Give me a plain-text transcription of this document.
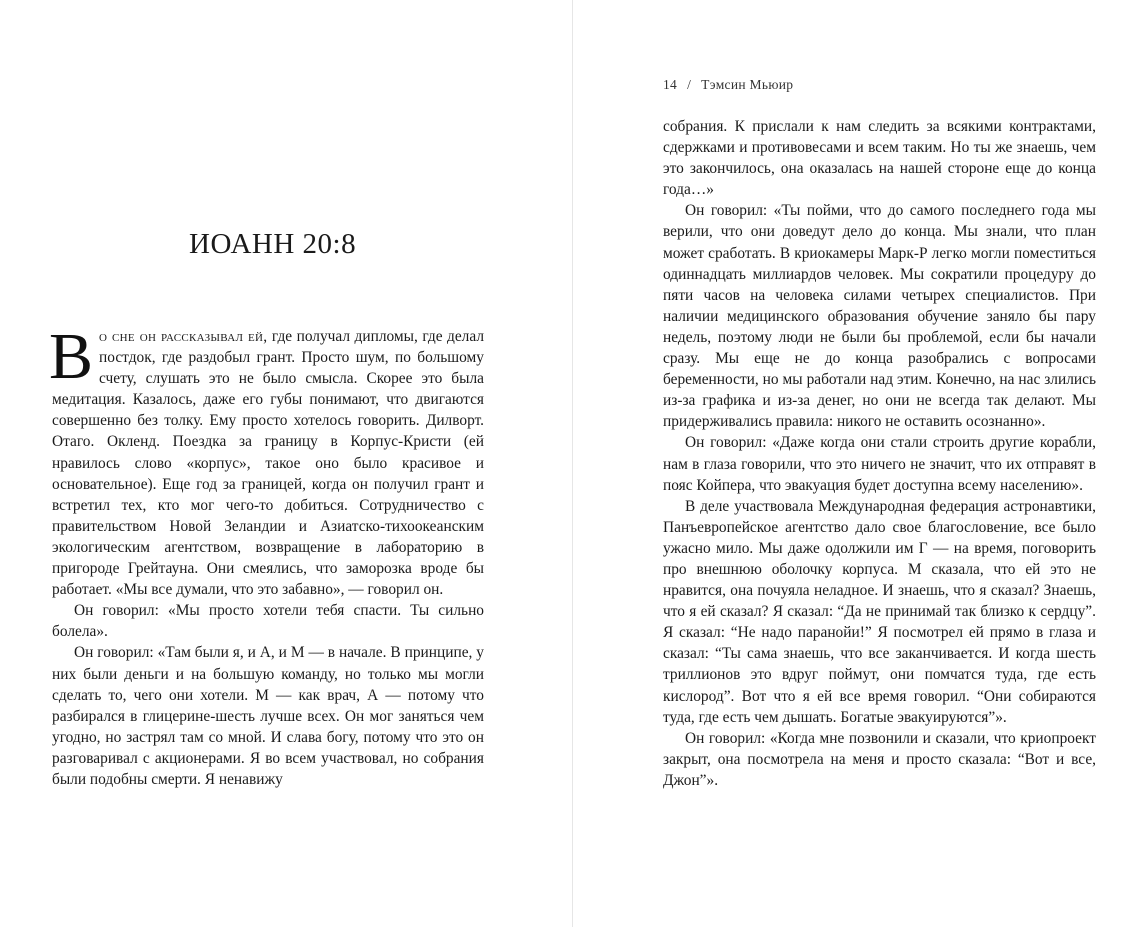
ИОАНН 20:8

Во сне он рассказывал ей, где получал дипломы, где делал постдок, где раздобыл грант. Просто шум, по большому счету, слушать это не было смысла. Скорее это была медитация. Казалось, даже его губы понимают, что двигаются совершенно без толку. Ему просто хотелось говорить. Дилворт. Отаго. Окленд. Поездка за границу в Корпус-Кристи (ей нравилось слово «корпус», такое оно было красивое и основательное). Еще год за границей, когда он получил грант и встретил тех, кто мог чего-то добиться. Сотрудничество с правительством Новой Зеландии и Азиатско-тихоокеанским экологическим агентством, возвращение в лабораторию в пригороде Грейтауна. Они смеялись, что заморозка вроде бы работает. «Мы все думали, что это забавно», — говорил он.

Он говорил: «Мы просто хотели тебя спасти. Ты сильно болела».

Он говорил: «Там были я, и А, и М — в начале. В принципе, у них были деньги и на большую команду, но только мы могли сделать то, чего они хотели. М — как врач, А — потому что разбирался в глицерине-шесть лучше всех. Он мог заняться чем угодно, но застрял там со мной. И слава богу, потому что это он разговаривал с акционерами. Я во всем участвовал, но собрания были подобны смерти. Я ненавижу

14 / Тэмсин Мьюир

собрания. К прислали к нам следить за всякими контрактами, сдержками и противовесами и всем таким. Но ты же знаешь, чем это закончилось, она оказалась на нашей стороне еще до конца года…»

Он говорил: «Ты пойми, что до самого последнего года мы верили, что они доведут дело до конца. Мы знали, что план может сработать. В криокамеры Марк-Р легко могли поместиться одиннадцать миллиардов человек. Мы сократили процедуру до пяти часов на человека силами четырех специалистов. При наличии медицинского образования обучение заняло бы пару недель, поэтому люди не были бы проблемой, если бы начали сразу. Мы еще не до конца разобрались с вопросами беременности, но мы работали над этим. Конечно, на нас злились из-за графика и из-за денег, но они не всегда так делают. Мы придерживались правила: никого не оставить осознанно».

Он говорил: «Даже когда они стали строить другие корабли, нам в глаза говорили, что это ничего не значит, что их отправят в пояс Койпера, что эвакуация будет доступна всему населению».

В деле участвовала Международная федерация астронавтики, Панъевропейское агентство дало свое благословение, все было ужасно мило. Мы даже одолжили им Г — на время, поговорить про внешнюю оболочку корпуса. М сказала, что ей это не нравится, она почуяла неладное. И знаешь, что я сказал? Знаешь, что я ей сказал? Я сказал: “Да не принимай так близко к сердцу”. Я сказал: “Не надо паранойи!” Я посмотрел ей прямо в глаза и сказал: “Ты сама знаешь, что все заканчивается. И когда шесть триллионов это вдруг поймут, они помчатся туда, где есть кислород”. Вот что я ей все время говорил. “Они собираются туда, где есть чем дышать. Богатые эвакуируются”».

Он говорил: «Когда мне позвонили и сказали, что криопроект закрыт, она посмотрела на меня и просто сказала: “Вот и все, Джон”».
